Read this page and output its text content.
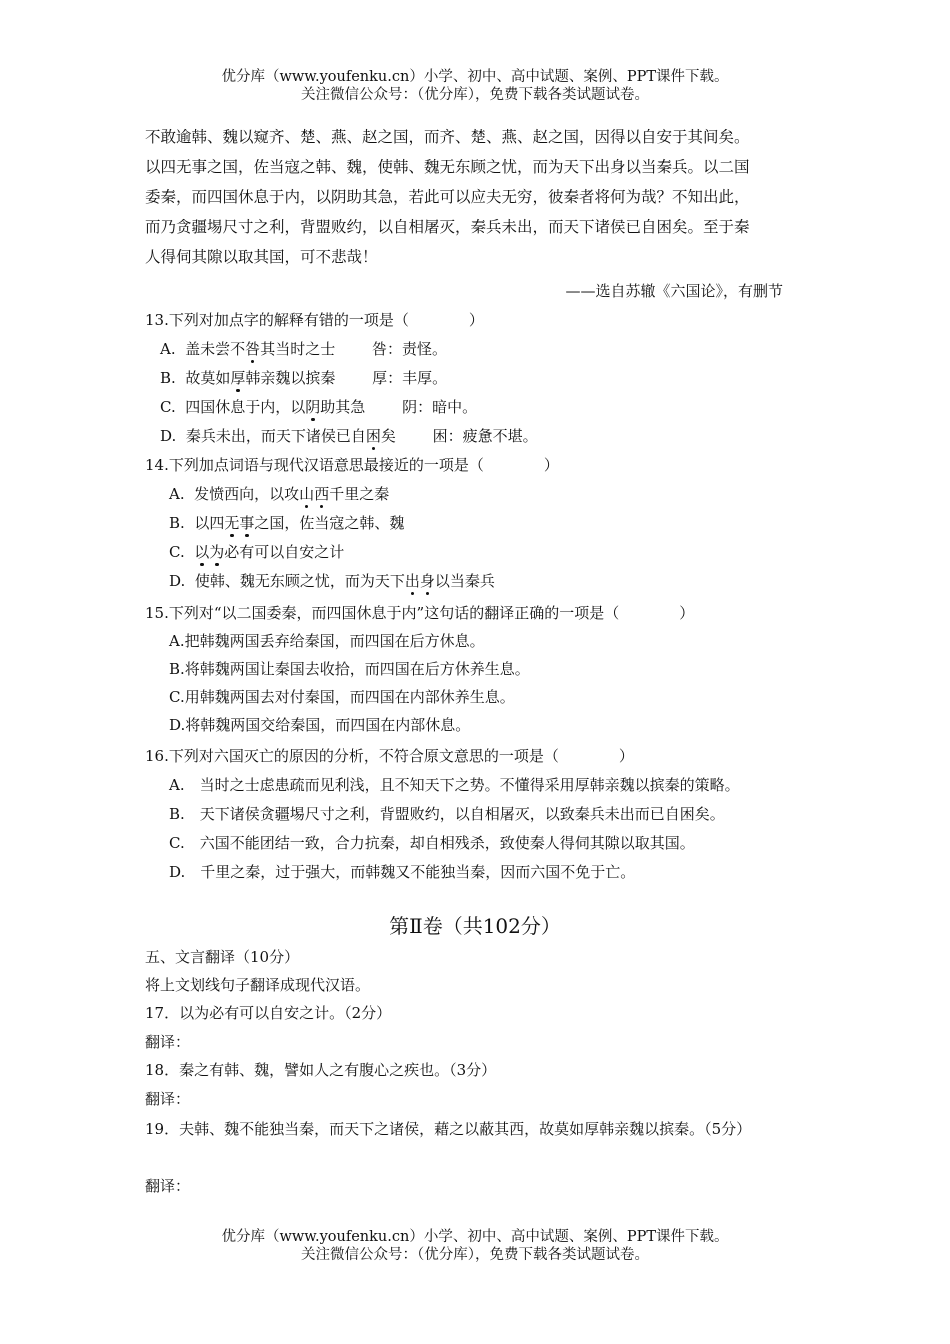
优分库（www.youfenku.cn）小学、初中、高中试题、案例、PPT课件下载。
关注微信公众号：（优分库），免费下载各类试题试卷。
不敢逾韩、魏以窥齐、楚、燕、赵之国，而齐、楚、燕、赵之国，因得以自安于其间矣。
以四无事之国，佐当寇之韩、魏，使韩、魏无东顾之忧，而为天下出身以当秦兵。以二国
委秦，而四国休息于内，以阴助其急，若此可以应夫无穷，彼秦者将何为哉？不知出此，
而乃贪疆埸尺寸之利，背盟败约，以自相屠灭，秦兵未出，而天下诸侯已自困矣。至于秦
人得伺其隙以取其国，可不悲哉！
——选自苏辙《六国论》，有删节
13.下列对加点字的解释有错的一项是（　　　　）
A. 盖未尝不咎其当时之士 咎：责怪。
B. 故莫如厚韩亲魏以摈秦 厚：丰厚。
C. 四国休息于内，以阴助其急 阴：暗中。
D. 秦兵未出，而天下诸侯已自困矣 困：疲惫不堪。
14.下列加点词语与现代汉语意思最接近的一项是（　　　　）
A. 发愤西向，以攻山西千里之秦
B. 以四无事之国，佐当寇之韩、魏
C. 以为必有可以自安之计
D. 使韩、魏无东顾之忧，而为天下出身以当秦兵
15.下列对“以二国委秦，而四国休息于内”这句话的翻译正确的一项是（　　　　）
A.把韩魏两国丢弃给秦国，而四国在后方休息。
B.将韩魏两国让秦国去收拾，而四国在后方休养生息。
C.用韩魏两国去对付秦国，而四国在内部休养生息。
D.将韩魏两国交给秦国，而四国在内部休息。
16.下列对六国灭亡的原因的分析，不符合原文意思的一项是（　　　　）
A.　当时之士虑患疏而见利浅，且不知天下之势。不懂得采用厚韩亲魏以摈秦的策略。
B.　天下诸侯贪疆埸尺寸之利，背盟败约，以自相屠灭，以致秦兵未出而已自困矣。
C.　六国不能团结一致，合力抗秦，却自相残杀，致使秦人得伺其隙以取其国。
D.　千里之秦，过于强大，而韩魏又不能独当秦，因而六国不免于亡。
第Ⅱ卷（共102分）
五、文言翻译（10分）
将上文划线句子翻译成现代汉语。
17．以为必有可以自安之计。（2分）
翻译：
18．秦之有韩、魏，譬如人之有腹心之疾也。（3分）
翻译：
19．夫韩、魏不能独当秦，而天下之诸侯，藉之以蔽其西，故莫如厚韩亲魏以摈秦。（5分）
翻译：
优分库（www.youfenku.cn）小学、初中、高中试题、案例、PPT课件下载。
关注微信公众号：（优分库），免费下载各类试题试卷。
